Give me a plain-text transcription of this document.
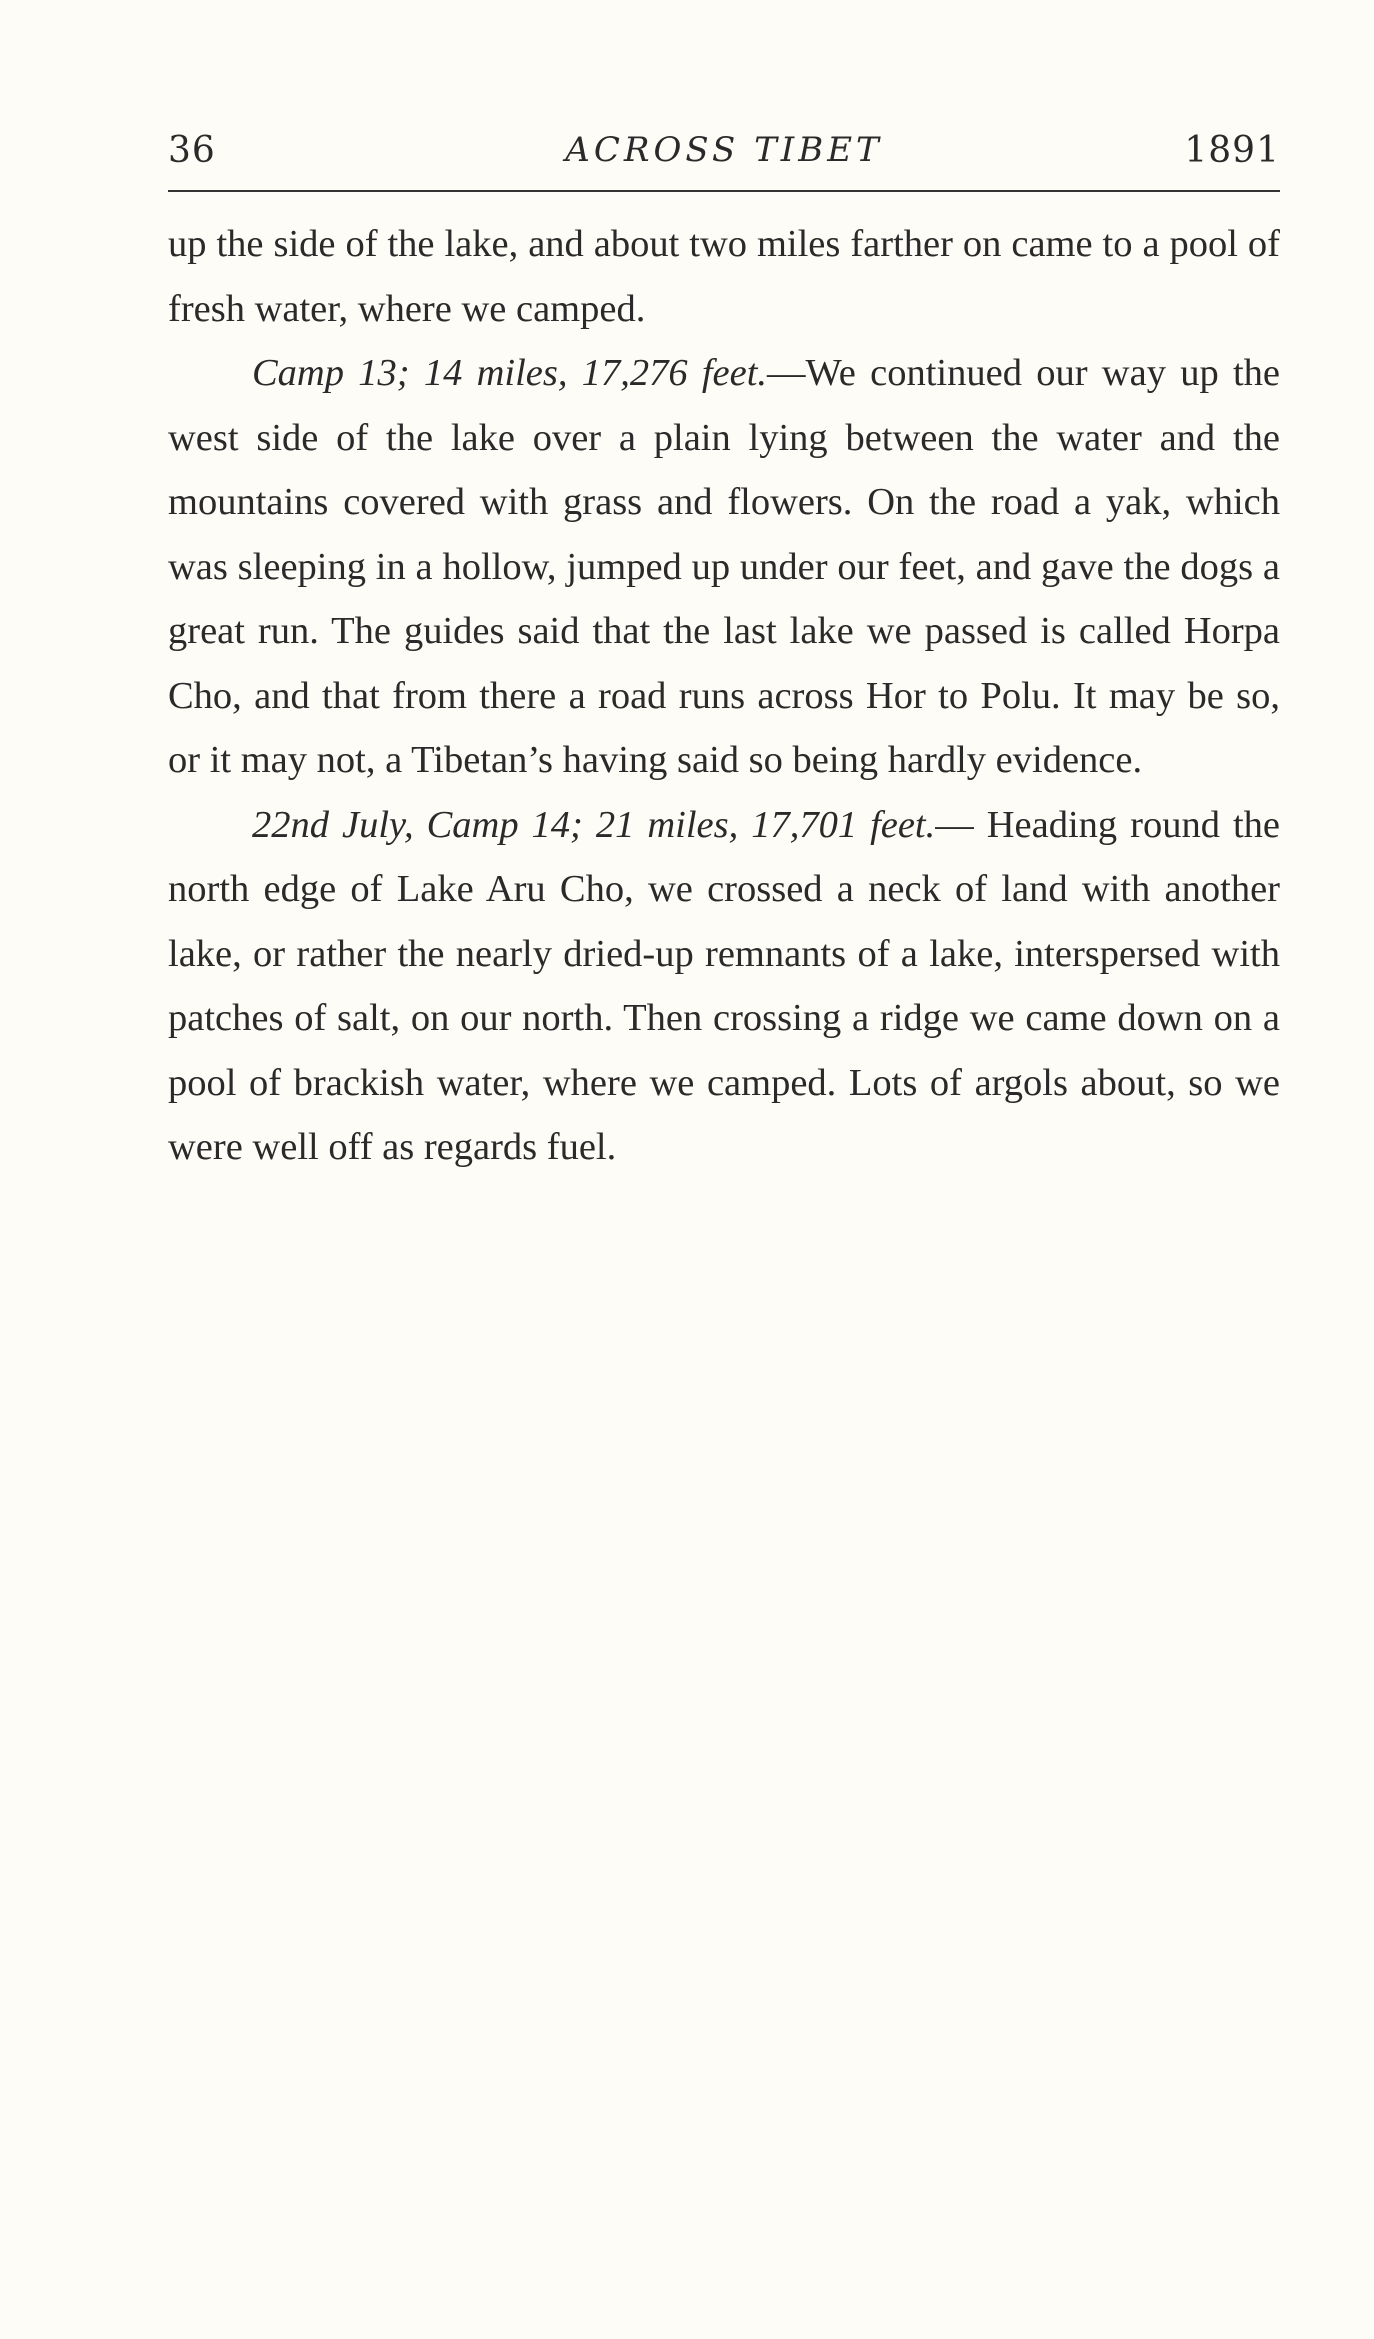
36	ACROSS TIBET	1891

up the side of the lake, and about two miles farther on came to a pool of fresh water, where we camped.

Camp 13; 14 miles, 17,276 feet.—We continued our way up the west side of the lake over a plain lying between the water and the mountains covered with grass and flowers. On the road a yak, which was sleeping in a hollow, jumped up under our feet, and gave the dogs a great run. The guides said that the last lake we passed is called Horpa Cho, and that from there a road runs across Hor to Polu. It may be so, or it may not, a Tibetan’s having said so being hardly evidence.

22nd July, Camp 14; 21 miles, 17,701 feet.— Heading round the north edge of Lake Aru Cho, we crossed a neck of land with another lake, or rather the nearly dried-up remnants of a lake, interspersed with patches of salt, on our north. Then crossing a ridge we came down on a pool of brackish water, where we camped. Lots of argols about, so we were well off as regards fuel.
